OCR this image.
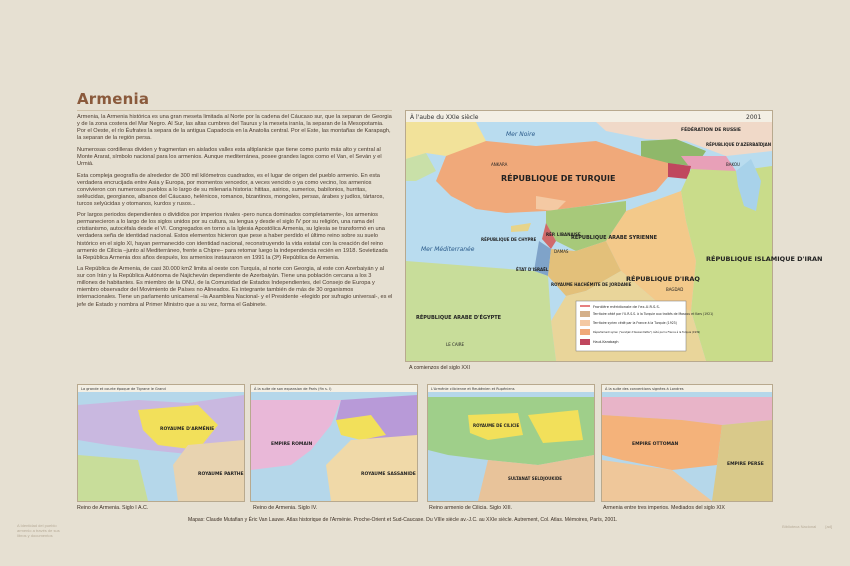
Armenia

Armenia, la Armenia histórica es una gran meseta limitada al Norte por la cadena del Cáucaso sur, que la separan de Georgia y de la zona costera del Mar Negro. Al Sur, las altas cumbres del Taurus y la meseta iranía, la separan de la Mesopotamia. Por el Oeste, el río Éufrates la separa de la antigua Capadocia en la Anatolia central. Por el Este, las montañas de Karapagh, la separan de la región persa.

Numerosas cordilleras dividen y fragmentan en aislados valles esta altiplanicie que tiene como punto más alto y central al Monte Ararat, símbolo nacional para los armenios. Aunque mediterránea, posee grandes lagos como el Van, el Seván y el Urmiá.

Esta compleja geografía de alrededor de 300 mil kilómetros cuadrados, es el lugar de origen del pueblo armenio. En esta verdadera encrucijada entre Asia y Europa, por momentos vencedor, a veces vencido o ya como vecino, los armenios convivieron con numerosos pueblos a lo largo de su milenaria historia: hititas, asirios, sumerios, babilonios, hurritas, selêucidas, georgianos, albanos del Cáucaso, helénicos, romanos, bizantinos, mongoles, persas, árabes y judíos, tártaros, turcos selyúcidas y otomanos, kurdos y rusos...

Por largos periodos dependientes o divididos por imperios rivales -pero nunca dominados completamente-, los armenios permanecieron a lo largo de los siglos unidos por su cultura, su lengua y desde el siglo IV por su religión, una rama del cristianismo, autocéfala desde el VI. Congregados en torno a la Iglesia Apostólica Armenia, su Iglesia se transformó en una verdadera seña de identidad nacional. Estos elementos hicieron que pese a haber perdido el último reino sobre su suelo histórico en el siglo XI, hayan permanecido con identidad nacional, reconstruyendo la vida estatal con la creación del reino armenio de Cilicia –junto al Mediterráneo, frente a Chipre– para retomar luego la independencia recién en 1918. Sovietizada la República Armenia dos años después, los armenios instauraron en 1991 la (3ª) República de Armenia.

La República de Armenia, de casi 30.000 km2 limita al oeste con Turquía, al norte con Georgia, al este con Azerbaiyán y al sur con Irán y la República Autónoma de Najicheván dependiente de Azerbaiyán. Tiene una población cercana a los 3 millones de habitantes. Es miembro de la ONU, de la Comunidad de Estados Independientes, del Consejo de Europa y miembro observador del Movimiento de Países no Alineados. Es integrante también de más de 30 organismos internacionales. Tiene un parlamento unicameral –la Asamblea Nacional- y el Presidente -elegido por sufragio universal-, es el jefe de Estado y nombra al Primer Ministro que a su vez, forma el Gabinete.

À l'aube du XXIe siècle	2001
RÉPUBLIQUE DE TURQUIE
RÉPUBLIQUE ISLAMIQUE D'IRAN
RÉPUBLIQUE D'IRAQ
RÉPUBLIQUE ARABE SYRIENNE
RÉPUBLIQUE ARABE D'ÉGYPTE
ROYAUME HACHÉMITE DE JORDANIE
RÉP. LIBANAISE
RÉPUBLIQUE DE CHYPRE
ÉTAT D'ISRAËL
FÉDÉRATION DE RUSSIE
RÉPUBLIQUE D'AZERBAÏDJAN
Mer Noire
Mer Méditerranée
ANKARA	BAKOU
LE CAIRE
BAGDAD
DAMAS
Frontière méridionale de l'ex-U.R.S.S.
Territoire cédé par l'U.R.S.S. à la Turquie aux traités de Moscou et Kars (1921)
Territoire syrien cédé par la France à la Turquie (1923)
Département syrien ("sandjak d'Alexandrette") cédé par la France à la Turquie (1939)
Haut-Karabagh
A comienzos del siglo XXI
La grande et courte époque de Tigrane le Grand
ROYAUME D'ARMÉNIE
ROYAUME PARTHE
À la suite de son expansion de Paris (fin s. I)
EMPIRE ROMAIN
ROYAUME SASSANIDE
L'Arménie cilicienne et Reubènien et Rupéniens
ROYAUME DE CILICIE
SULTANAT SELDJOUKIDE
À la suite des conventions signées à Londres
EMPIRE OTTOMAN
EMPIRE PERSE
Reino de Armenia. Siglo I A.C.	Reino de Armenia. Siglo IV.	Reino armenio de Cilicia. Siglo XIII.	Armenia entre tres imperios. Mediados del siglo XIX
Mapas: Claude Mutafian y Éric Van Lauwe. Atlas historique de l'Arménie. Proche-Orient et Sud-Caucase. Du VIIIe siècle av.-J.C. au XXIe siècle. Autrement, Col. Atlas. Mémoires, París, 2001.
A Identidad del pueblo
armenio a través de sus
libros y documentos
Biblioteca Nacional [ad]
